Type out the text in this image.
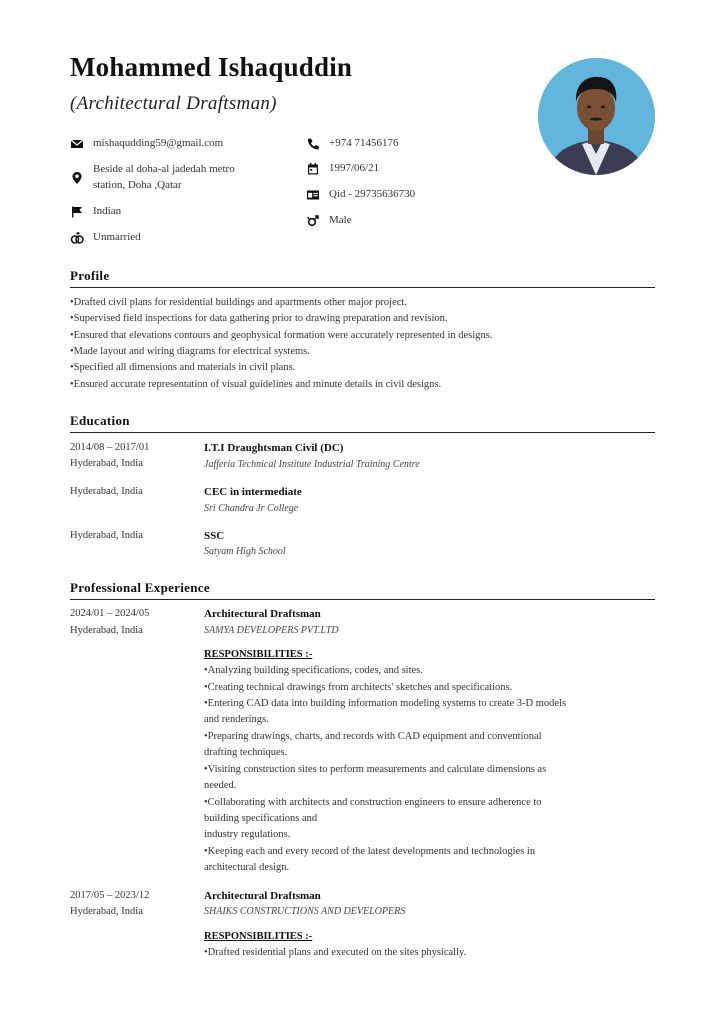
Mohammed Ishaquddin
(Architectural Draftsman)
mishaqudding59@gmail.com
Beside al doha-al jadedah metro
station, Doha ,Qatar
Indian
Unmarried
+974 71456176
1997/06/21
Qid - 29735636730
Male
Profile
•Drafted civil plans for residential buildings and apartments other major project.
•Supervised field inspections for data gathering prior to drawing preparation and revision.
•Ensured that elevations contours and geophysical formation were accurately represented in designs.
•Made layout and wiring diagrams for electrical systems.
•Specified all dimensions and materials in civil plans.
•Ensured accurate representation of visual guidelines and minute details in civil designs.
Education
2014/08 – 2017/01
Hyderabad, India
I.T.I Draughtsman Civil (DC)
Jafferia Technical Institute Industrial Training Centre
Hyderabad, India	CEC in intermediate
Sri Chandra Jr College
Hyderabad, India	SSC
Satyam High School
Professional Experience
2024/01 – 2024/05
Hyderabad, India
Architectural Draftsman
SAMYA DEVELOPERS PVT.LTD
RESPONSIBILITIES :-
•Analyzing building specifications, codes, and sites.
•Creating technical drawings from architects' sketches and specifications.
•Entering CAD data into building information modeling systems to create 3-D models
and renderings.
•Preparing drawings, charts, and records with CAD equipment and conventional
drafting techniques.
•Visiting construction sites to perform measurements and calculate dimensions as
needed.
•Collaborating with architects and construction engineers to ensure adherence to
building specifications and
industry regulations.
•Keeping each and every record of the latest developments and technologies in
architectural design.
2017/05 – 2023/12
Hyderabad, India
Architectural Draftsman
SHAIKS CONSTRUCTIONS AND DEVELOPERS
RESPONSIBILITIES :-
•Drafted residential plans and executed on the sites physically.
